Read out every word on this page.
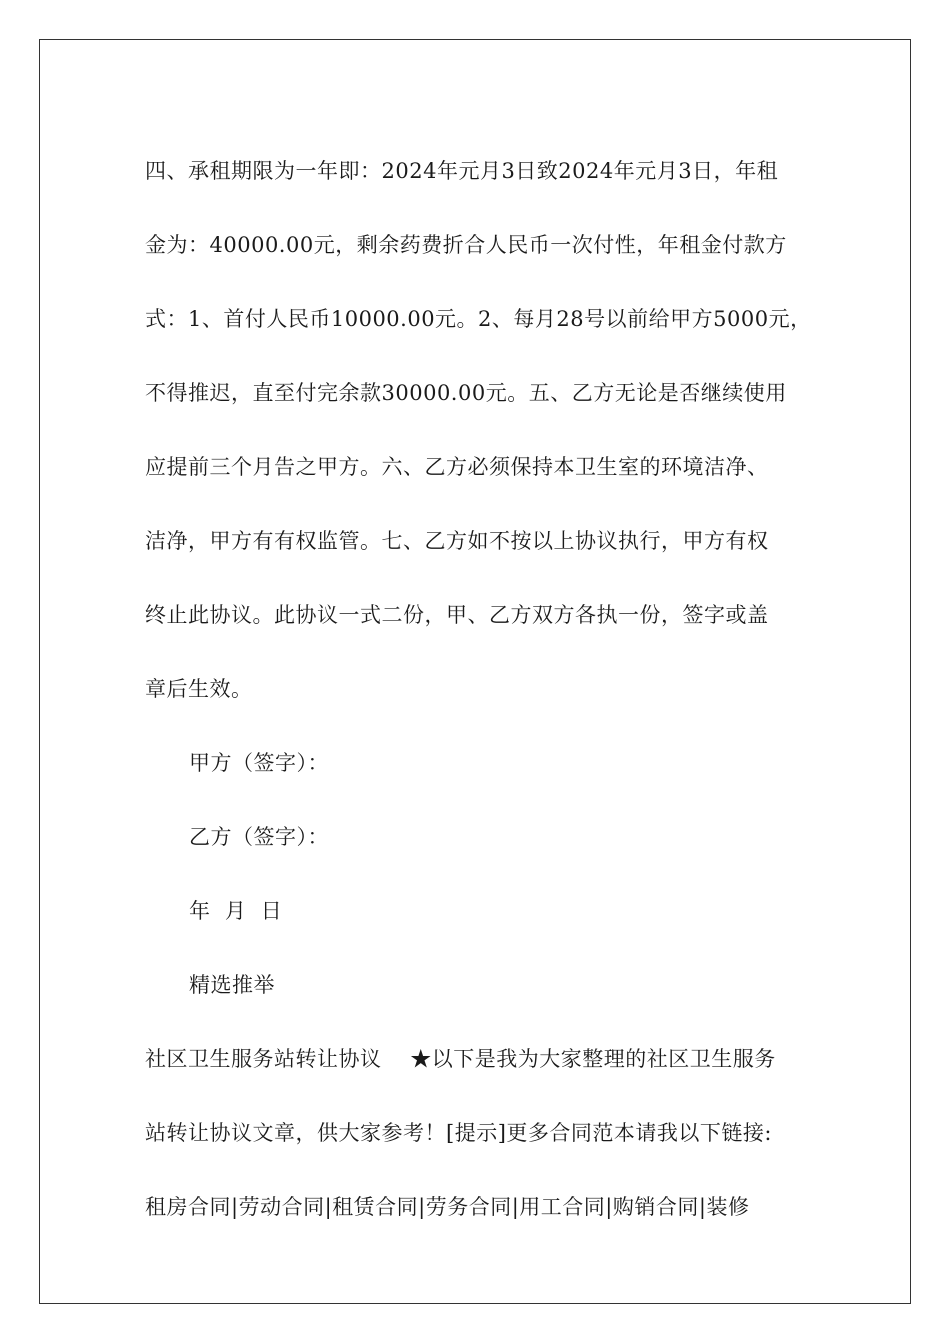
四、承租期限为一年即：2024年元月3日致2024年元月3日，年租
金为：40000.00元，剩余药费折合人民币一次付性，年租金付款方
式：1、首付人民币10000.00元。2、每月28号以前给甲方5000元，
不得推迟，直至付完余款30000.00元。五、乙方无论是否继续使用
应提前三个月告之甲方。六、乙方必须保持本卫生室的环境洁净、
洁净，甲方有有权监管。七、乙方如不按以上协议执行，甲方有权
终止此协议。此协议一式二份，甲、乙方双方各执一份，签字或盖
章后生效。
甲方（签字）：
乙方（签字）：
年  月  日
精选推举
社区卫生服务站转让协议    ★以下是我为大家整理的社区卫生服务
站转让协议文章，供大家参考！[提示]更多合同范本请我以下链接:
租房合同|劳动合同|租赁合同|劳务合同|用工合同|购销合同|装修
